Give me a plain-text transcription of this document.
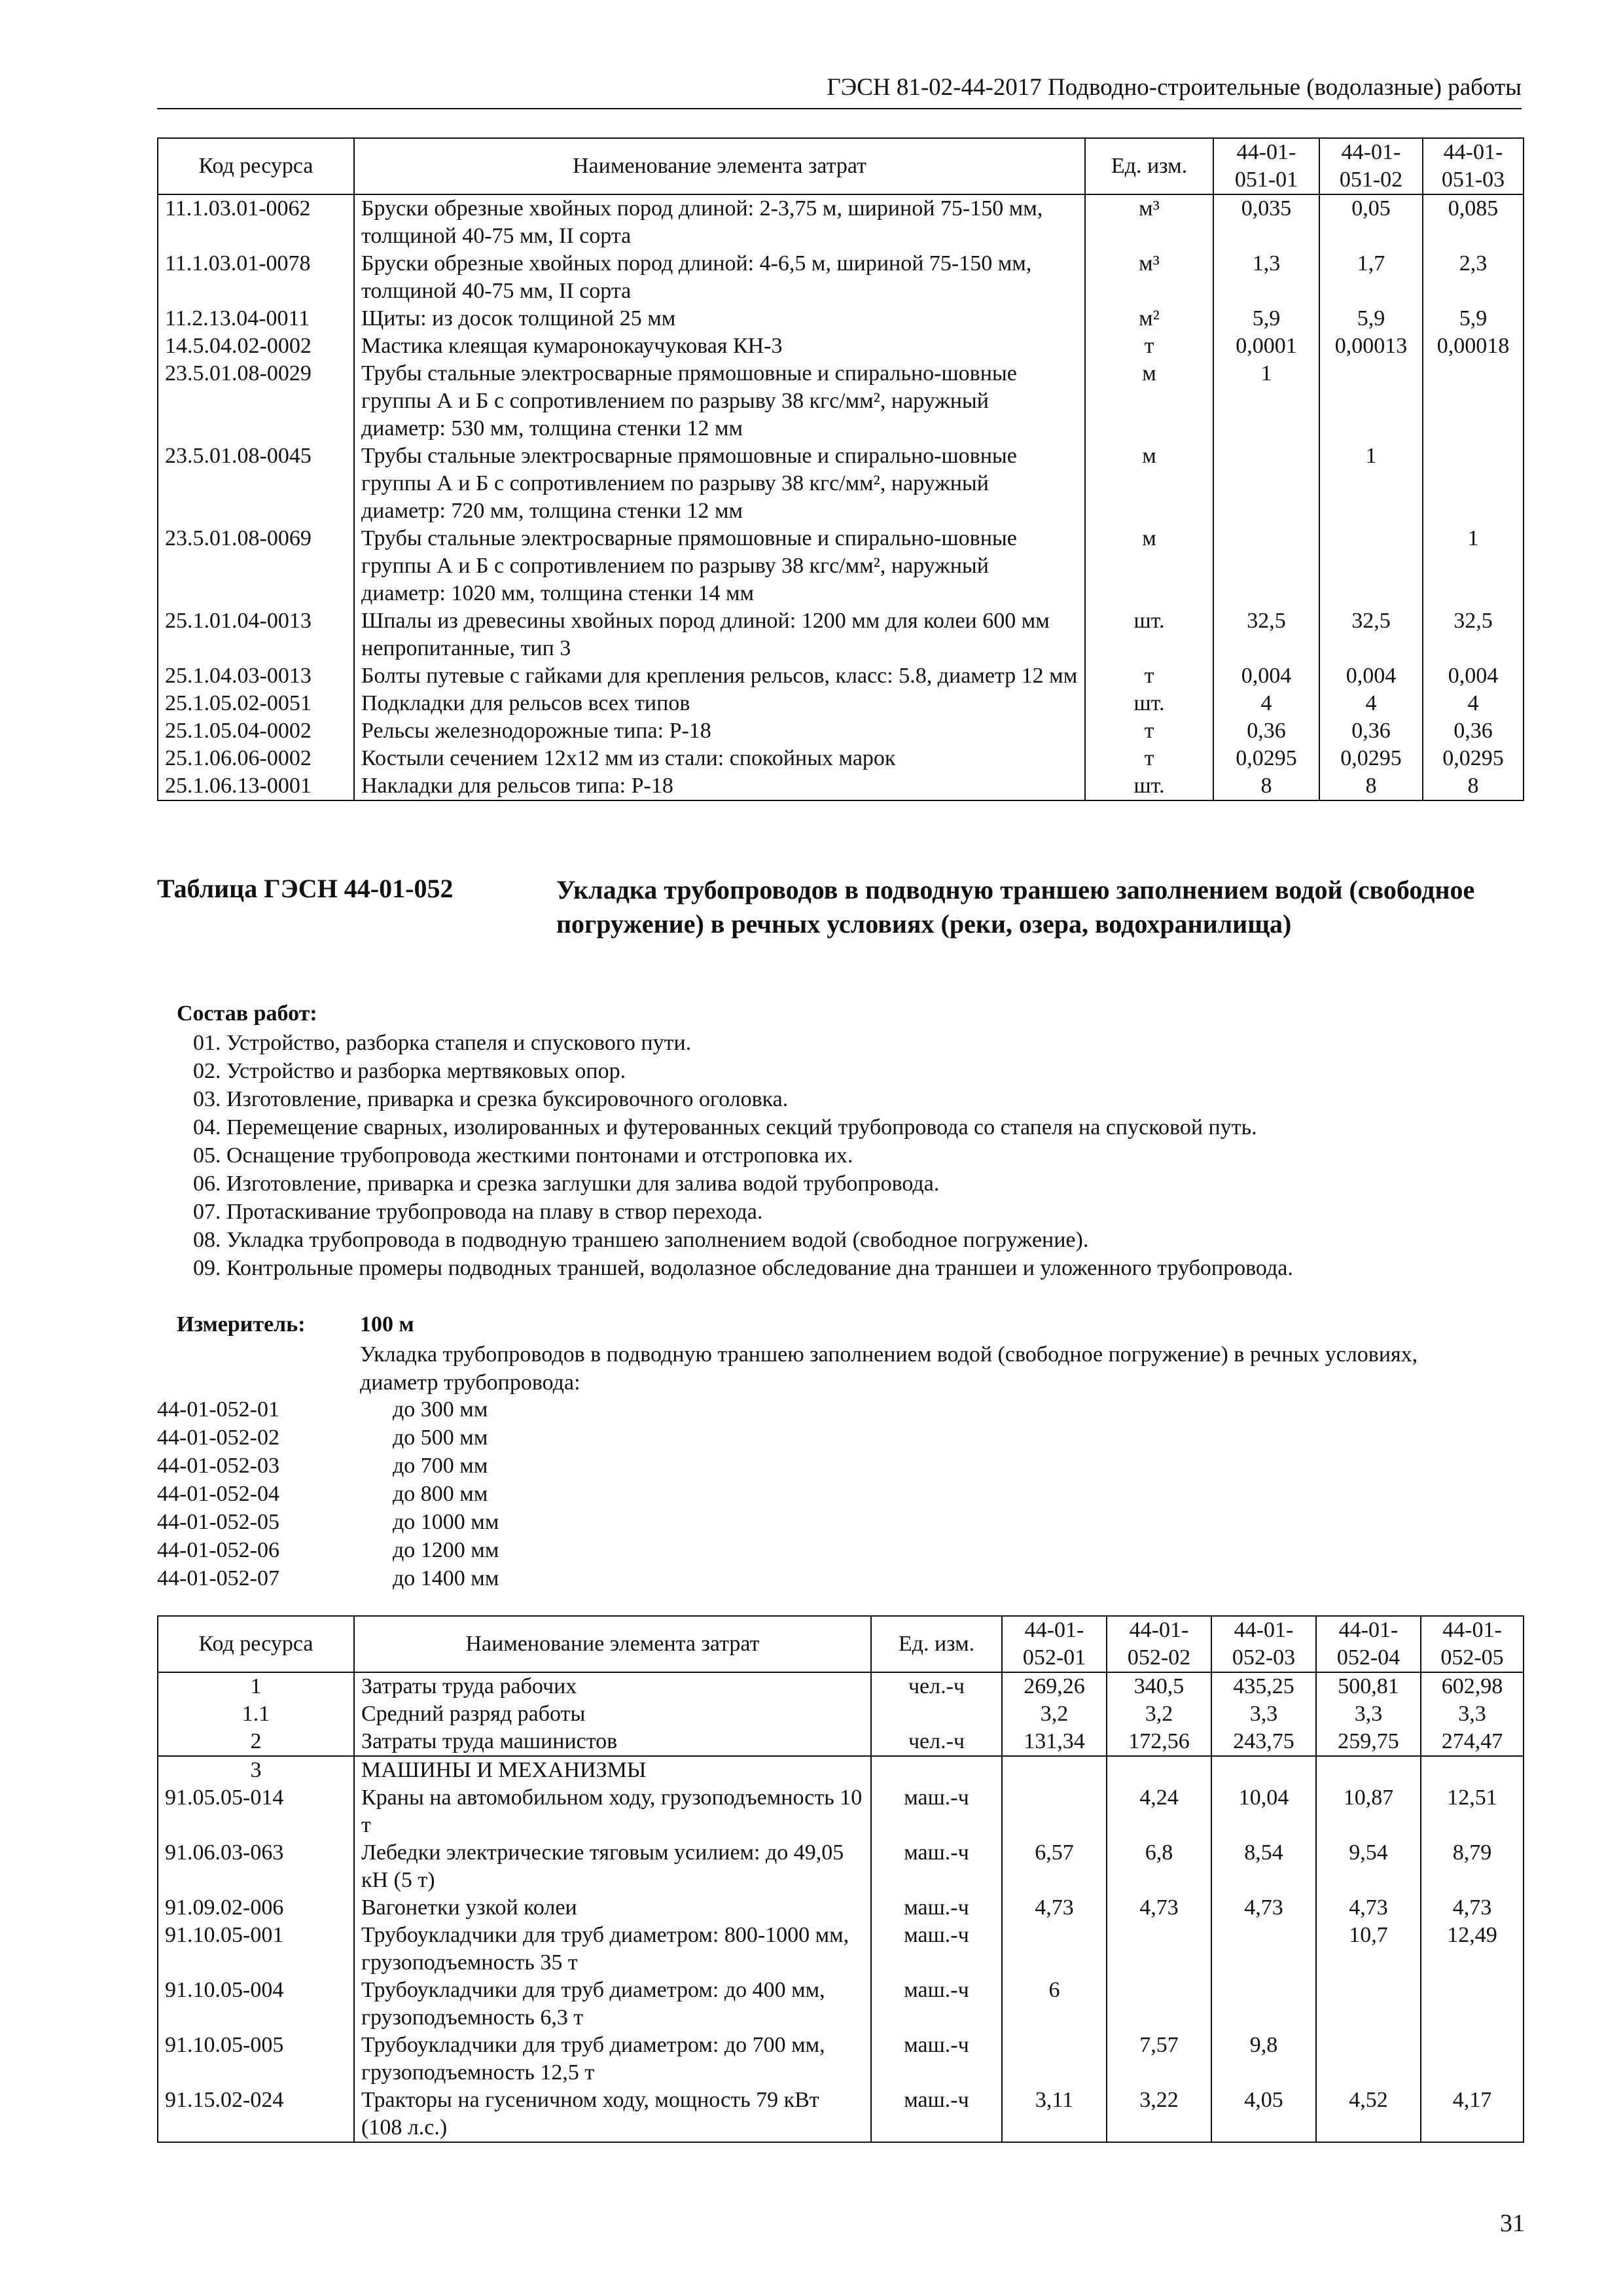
ГЭСН 81-02-44-2017 Подводно-строительные (водолазные) работы
Код ресурса	Наименование элемента затрат	Ед. изм.	44-01-051-01	44-01-051-02	44-01-051-03
11.1.03.01-0062	Бруски обрезные хвойных пород длиной: 2-3,75 м, шириной 75-150 мм, толщиной 40-75 мм, II сорта	м³	0,035	0,05	0,085
11.1.03.01-0078	Бруски обрезные хвойных пород длиной: 4-6,5 м, шириной 75-150 мм, толщиной 40-75 мм, II сорта	м³	1,3	1,7	2,3
11.2.13.04-0011	Щиты: из досок толщиной 25 мм	м²	5,9	5,9	5,9
14.5.04.02-0002	Мастика клеящая кумаронокаучуковая КН-3	т	0,0001	0,00013	0,00018
23.5.01.08-0029	Трубы стальные электросварные прямошовные и спирально-шовные группы А и Б с сопротивлением по разрыву 38 кгс/мм², наружный диаметр: 530 мм, толщина стенки 12 мм	м	1		
23.5.01.08-0045	Трубы стальные электросварные прямошовные и спирально-шовные группы А и Б с сопротивлением по разрыву 38 кгс/мм², наружный диаметр: 720 мм, толщина стенки 12 мм	м		1	
23.5.01.08-0069	Трубы стальные электросварные прямошовные и спирально-шовные группы А и Б с сопротивлением по разрыву 38 кгс/мм², наружный диаметр: 1020 мм, толщина стенки 14 мм	м			1
25.1.01.04-0013	Шпалы из древесины хвойных пород длиной: 1200 мм для колеи 600 мм непропитанные, тип 3	шт.	32,5	32,5	32,5
25.1.04.03-0013	Болты путевые с гайками для крепления рельсов, класс: 5.8, диаметр 12 мм	т	0,004	0,004	0,004
25.1.05.02-0051	Подкладки для рельсов всех типов	шт.	4	4	4
25.1.05.04-0002	Рельсы железнодорожные типа: Р-18	т	0,36	0,36	0,36
25.1.06.06-0002	Костыли сечением 12х12 мм из стали: спокойных марок	т	0,0295	0,0295	0,0295
25.1.06.13-0001	Накладки для рельсов типа: Р-18	шт.	8	8	8
Таблица ГЭСН 44-01-052	Укладка трубопроводов в подводную траншею заполнением водой (свободное погружение) в речных условиях (реки, озера, водохранилища)
Состав работ:
01. Устройство, разборка стапеля и спускового пути.
02. Устройство и разборка мертвяковых опор.
03. Изготовление, приварка и срезка буксировочного оголовка.
04. Перемещение сварных, изолированных и футерованных секций трубопровода со стапеля на спусковой путь.
05. Оснащение трубопровода жесткими понтонами и отстроповка их.
06. Изготовление, приварка и срезка заглушки для залива водой трубопровода.
07. Протаскивание трубопровода на плаву в створ перехода.
08. Укладка трубопровода в подводную траншею заполнением водой (свободное погружение).
09. Контрольные промеры подводных траншей, водолазное обследование дна траншеи и уложенного трубопровода.
Измеритель: 100 м
Укладка трубопроводов в подводную траншею заполнением водой (свободное погружение) в речных условиях, диаметр трубопровода:
44-01-052-01	до 300 мм
44-01-052-02	до 500 мм
44-01-052-03	до 700 мм
44-01-052-04	до 800 мм
44-01-052-05	до 1000 мм
44-01-052-06	до 1200 мм
44-01-052-07	до 1400 мм
Код ресурса	Наименование элемента затрат	Ед. изм.	44-01-052-01	44-01-052-02	44-01-052-03	44-01-052-04	44-01-052-05
1	Затраты труда рабочих	чел.-ч	269,26	340,5	435,25	500,81	602,98
1.1	Средний разряд работы		3,2	3,2	3,3	3,3	3,3
2	Затраты труда машинистов	чел.-ч	131,34	172,56	243,75	259,75	274,47
3	МАШИНЫ И МЕХАНИЗМЫ						
91.05.05-014	Краны на автомобильном ходу, грузоподъемность 10 т	маш.-ч		4,24	10,04	10,87	12,51
91.06.03-063	Лебедки электрические тяговым усилием: до 49,05 кН (5 т)	маш.-ч	6,57	6,8	8,54	9,54	8,79
91.09.02-006	Вагонетки узкой колеи	маш.-ч	4,73	4,73	4,73	4,73	4,73
91.10.05-001	Трубоукладчики для труб диаметром: 800-1000 мм, грузоподъемность 35 т	маш.-ч				10,7	12,49
91.10.05-004	Трубоукладчики для труб диаметром: до 400 мм, грузоподъемность 6,3 т	маш.-ч	6				
91.10.05-005	Трубоукладчики для труб диаметром: до 700 мм, грузоподъемность 12,5 т	маш.-ч		7,57	9,8		
91.15.02-024	Тракторы на гусеничном ходу, мощность 79 кВт (108 л.с.)	маш.-ч	3,11	3,22	4,05	4,52	4,17
31
